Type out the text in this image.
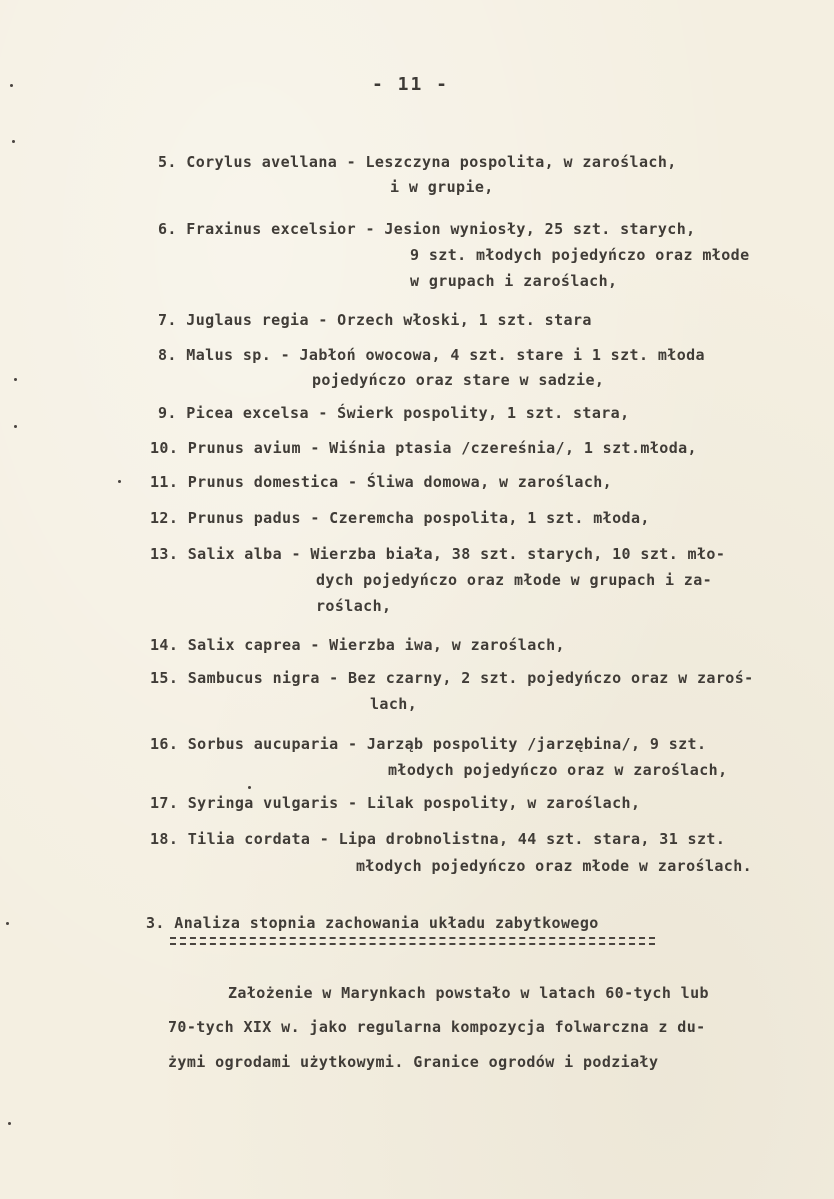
- 11 -
5. Corylus avellana - Leszczyna pospolita, w zaroślach,
i w grupie,
6. Fraxinus excelsior - Jesion wyniosły, 25 szt. starych,
9 szt. młodych pojedyńczo oraz młode
w grupach i zaroślach,
7. Juglaus regia - Orzech włoski, 1 szt. stara
8. Malus sp. - Jabłoń owocowa, 4 szt. stare i 1 szt. młoda
pojedyńczo oraz stare w sadzie,
9. Picea excelsa - Świerk pospolity, 1 szt. stara,
10. Prunus avium - Wiśnia ptasia /czereśnia/, 1 szt.młoda,
11. Prunus domestica - Śliwa domowa, w zaroślach,
12. Prunus padus - Czeremcha pospolita, 1 szt. młoda,
13. Salix alba - Wierzba biała, 38 szt. starych, 10 szt. mło-
dych pojedyńczo oraz młode w grupach i za-
roślach,
14. Salix caprea - Wierzba iwa, w zaroślach,
15. Sambucus nigra - Bez czarny, 2 szt. pojedyńczo oraz w zaroś-
lach,
16. Sorbus aucuparia - Jarząb pospolity /jarzębina/, 9 szt.
młodych pojedyńczo oraz w zaroślach,
17. Syringa vulgaris - Lilak pospolity, w zaroślach,
18. Tilia cordata - Lipa drobnolistna, 44 szt. stara, 31 szt.
młodych pojedyńczo oraz młode w zaroślach.
3. Analiza stopnia zachowania układu zabytkowego
Założenie w Marynkach powstało w latach 60-tych lub
70-tych XIX w. jako regularna kompozycja folwarczna z du-
żymi ogrodami użytkowymi. Granice ogrodów i podziały
